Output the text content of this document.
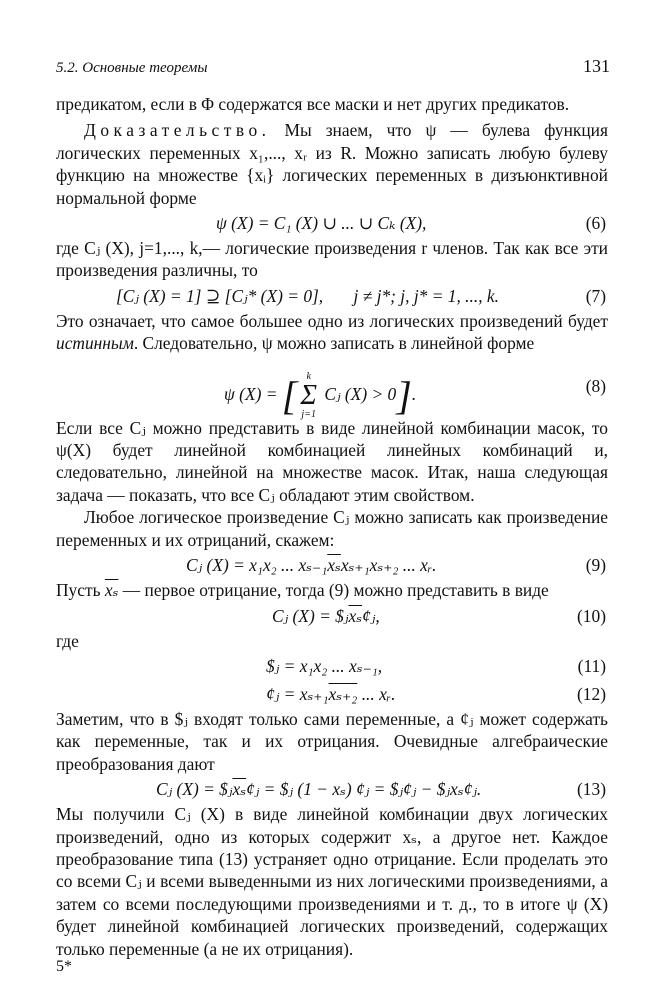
5.2. Основные теоремы	131

предикатом, если в Φ содержатся все маски и нет других предикатов.

Доказательство. Мы знаем, что ψ — булева функция логических переменных x₁,..., xᵣ из R. Можно записать любую булеву функцию на множестве {xᵢ} логических переменных в дизъюнктивной нормальной форме

ψ (X) = C₁ (X) ∪ ... ∪ Cₖ (X),	(6)

где Cⱼ (X), j=1,..., k,— логические произведения r членов. Так как все эти произведения различны, то

[Cⱼ (X) = 1] ⊇ [Cⱼ* (X) = 0],       j ≠ j*; j, j* = 1, ..., k.	(7)

Это означает, что самое большее одно из логических произведений будет истинным. Следовательно, ψ можно записать в линейной форме

ψ (X) = [ k
Σ
j=1
Cⱼ (X) > 0].	(8)

Если все Cⱼ можно представить в виде линейной комбинации масок, то ψ(X) будет линейной комбинацией линейных комбинаций и, следовательно, линейной на множестве масок. Итак, наша следующая задача — показать, что все Cⱼ обладают этим свойством.

Любое логическое произведение Cⱼ можно записать как произведение переменных и их отрицаний, скажем:

Cⱼ (X) = x₁x₂ ... $x_{s-1}\overline{x_s}x_{s+1}x_{s+2}$ ... xᵣ.	(9)

Пусть $\overline{x_s}$ — первое отрицание, тогда (9) можно представить в виде

Cⱼ $(X) = \$ⱼ\overline{x_s}¢ⱼ$,	(10)

где

$ⱼ = x₁x₂ ... xₛ₋₁,	(11)
¢ⱼ = xₛ₊₁xₛ₊₂ ... xᵣ.	(12)

Заметим, что в $ⱼ входят только сами переменные, а ¢ⱼ может содержать как переменные, так и их отрицания. Очевидные алгебраические преобразования дают

Cⱼ $(X) = \$ⱼ\overline{x_s}¢ⱼ$ = $ⱼ (1 − xₛ) ¢ⱼ = $ⱼ¢ⱼ − $ⱼxₛ¢ⱼ.	(13)

Мы получили Cⱼ (X) в виде линейной комбинации двух логических произведений, одно из которых содержит xₛ, а другое нет. Каждое преобразование типа (13) устраняет одно отрицание. Если проделать это со всеми Cⱼ и всеми выведенными из них логическими произведениями, а затем со всеми последующими произведениями и т. д., то в итоге ψ (X) будет линейной комбинацией логических произведений, содержащих только переменные (а не их отрицания).

5*
